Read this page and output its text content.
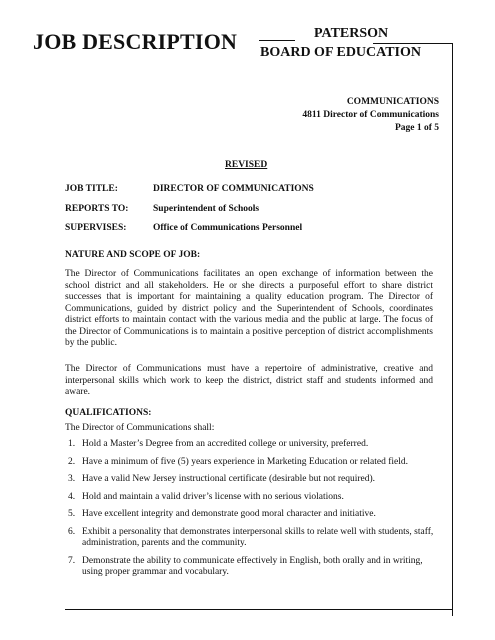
JOB DESCRIPTION	PATERSON
BOARD OF EDUCATION
COMMUNICATIONS
4811 Director of Communications
Page 1 of 5
REVISED
JOB TITLE:	DIRECTOR OF COMMUNICATIONS
REPORTS TO:	Superintendent of Schools
SUPERVISES:	Office of Communications Personnel
NATURE AND SCOPE OF JOB:
The Director of Communications facilitates an open exchange of information between the school district and all stakeholders. He or she directs a purposeful effort to share district successes that is important for maintaining a quality education program. The Director of Communications, guided by district policy and the Superintendent of Schools, coordinates district efforts to maintain contact with the various media and the public at large. The focus of the Director of Communications is to maintain a positive perception of district accomplishments by the public.
The Director of Communications must have a repertoire of administrative, creative and interpersonal skills which work to keep the district, district staff and students informed and aware.
QUALIFICATIONS:
The Director of Communications shall:
1. Hold a Master’s Degree from an accredited college or university, preferred.
2. Have a minimum of five (5) years experience in Marketing Education or related field.
3. Have a valid New Jersey instructional certificate (desirable but not required).
4. Hold and maintain a valid driver’s license with no serious violations.
5. Have excellent integrity and demonstrate good moral character and initiative.
6. Exhibit a personality that demonstrates interpersonal skills to relate well with students, staff, administration, parents and the community.
7. Demonstrate the ability to communicate effectively in English, both orally and in writing, using proper grammar and vocabulary.
